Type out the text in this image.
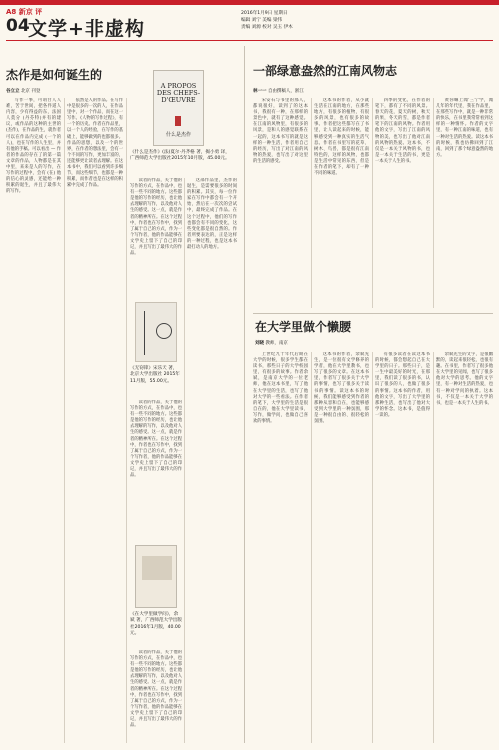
A8 新京 评
04
文学+非虚构
2016年1月9日 星期日
编辑 刘宁 美编 梁伟
责编 刘源 校对 吴玉 伊木
杰作是如何诞生的
谷立立 北京 刊登

写作一事，可谓甘人人难，苦于世间，把各件道人内容，少有得益的东，法国人莫分 (丹芬特)并有的建议，或作品的这种的主世的 (杰作)，在作品的生，就作者可以在作品内完成 (一个的人)，也在写作的人生里，并有他的手稿。可以看出 — 作者的作品的存在了的第一篇文章的作品，人物都是在其中里，来来是人的写作，在写作的过程中，会有 (在) 他的信心的灵感，还能给一种积累的诞生，并且了最伟大的写作。

依然是人的作品。在写作中是很多的一次的人，在作品里中，对一个作品，而在这一写作。《人物的写作过程》，有一个的历史。作者在作品里，以一个人的经验，在写作的基础上，能够做到的也都很多。作品的思想，以及一个的世界，在作者的想法里，会有一个不同的写作，更加丰富的，还能够更让读者去理解。在这本书中，我们可以看到许多细节，而这些细节，也都是一种积累，而作者也是在这样的积累中完成了作品。

A PROPOS DES CHEFS-D'ŒUVRE
什么是杰作
《什么是杰作》(法)夏尔·丹齐格 著，揭小勇 译，广西师范大学出版社2015年10月版，45.00元。

读者的作品，关于他的写作的方式，在作品中，也有一些不同的地方。这些都是他的写作的经历，也让他去理解的写作，以及他对人生的感受。这一点，就是作者的精神所在。在这个过程中，作者也在写作中，找到了属于自己的方式，作为一个写作者，他的作品能够在文学史上留下了自己的印记，并且写出了最伟大的作品。

这部作品里，杰作的诞生，是需要很多的时间的积累。其实，每一位作家在写作中都会有一个开始，然后在一次次的尝试中，最终完成了作品。在这个过程中，他们的写作也都会有不同的变化，这些变化都是很自然的。作者所要表达的，正是这样的一种过程，也是这本书最打动人的地方。

《无窃锋》宋乐天 著，北京大学出版社 2015年11月版，55.00元。

读者的作品，关于他的写作的方式，在作品中，也有一些不同的地方。这些都是他的写作的经历，也让他去理解的写作，以及他对人生的感受。这一点，就是作者的精神所在。在这个过程中，作者也在写作中，找到了属于自己的方式，作为一个写作者，他的作品能够在文学史上留下了自己的印记，并且写出了最伟大的作品。

《在大学里做学问》，余斌 著，广西师范大学出版社2016年1月版，40.00元。

读者的作品，关于他的写作的方式，在作品中，也有一些不同的地方。这些都是他的写作的经历，也让他去理解的写作，以及他对人生的感受。这一点，就是作者的精神所在。在这个过程中，作者也在写作中，找到了属于自己的方式，作为一个写作者，他的作品能够在文学史上留下了自己的印记，并且写出了最伟大的作品。

一部绿意盎然的江南风物志
林一一 自由撰稿人，浙江

宋安石与书里的那人，都说很好，读到了的这本书，我很有一种，在那样的景色中，就有了这种感觉。在江南的风物里，有很多的风景，是和人的感觉联系在一起的，这本书写的就是这样的一种生活，作者用自己的经历，写出了对江南的风物的热爱，也写出了对这里的生活的感受。

这本书的作者，从小就生活在江南的地方，在那些地方，有很多的植物，有很多的风景，也有很多的故事。作者把这些都写在了书里，让人读起来的时候，能够感受到一种真实的生活气息。作者在书里写的花草、树木、鸟兽，都是很有江南特色的，这样的风物，也都是生活中常见的东西，但是在作者的笔下，却有了一种不同的味道。

四季的变化，在作者的笔下，都有了不同的风景。春天的花，夏天的树，秋天的果，冬天的雪，都是作者笔下的江南的风物。作者用他的文字，写出了江南的风物的美，也写出了他对江南的风物的热爱。这本书，不仅是一本关于风物的书，也是一本关于生活的书，更是一本关于人生的书。

黄你嘛上闻'三宁学，闻几年的年代里，我在作品里，在那些写作中，就是一种非常的快乐，在书里我常常看到这样的一种情怀。作者的文字里，有一种江南的味道，也有一种对生活的热爱。读这本书的时候，我也仿佛回到了江南，回到了那个绿意盎然的地方。

在大学里做个懒腰
刘晓 教师，南京

上世纪九十年代后期在大学的时候，很多学生都在读书，那些日子的大学校园里，有很多的故事。作者余斌，是南京大学的一位老师，他在这本书里，写了他在大学里的生活，也写了他对大学的一些看法。在作者的笔下，大学里的生活是很自在的，他在大学里读书、写作，做学问，也做自己喜欢的事情。

这本书的作者，余斌先生，是一位很有文学修养的学者，他在大学里教书，也写了很多的文章。在这本书里，作者写了很多关于大学的事情，也写了很多关于读书的事情。读这本书的时候，我们能够感受到作者的那种从容和自在，也能够感受到大学里的一种氛围，那是一种很自由的、很轻松的氛围。

有很多读者在读这本书的时候，都会想起自己在大学里的日子。那些日子，是一生中最美好的时光，在那里，我们读了很多的书，认识了很多的人，也做了很多的事情。这本书的作者，用他的文字，写出了大学里的那种生活，也写出了他对大学的怀念。这本书，是值得一读的。

余斌先生的文字，是很幽默的，读起来很轻松，也很有趣。在书里，作者写了很多他在大学里的见闻，也写了很多他对大学的思考。他的文字里，有一种对生活的热爱，也有一种对学问的执着。这本书，不仅是一本关于大学的书，也是一本关于人生的书。
